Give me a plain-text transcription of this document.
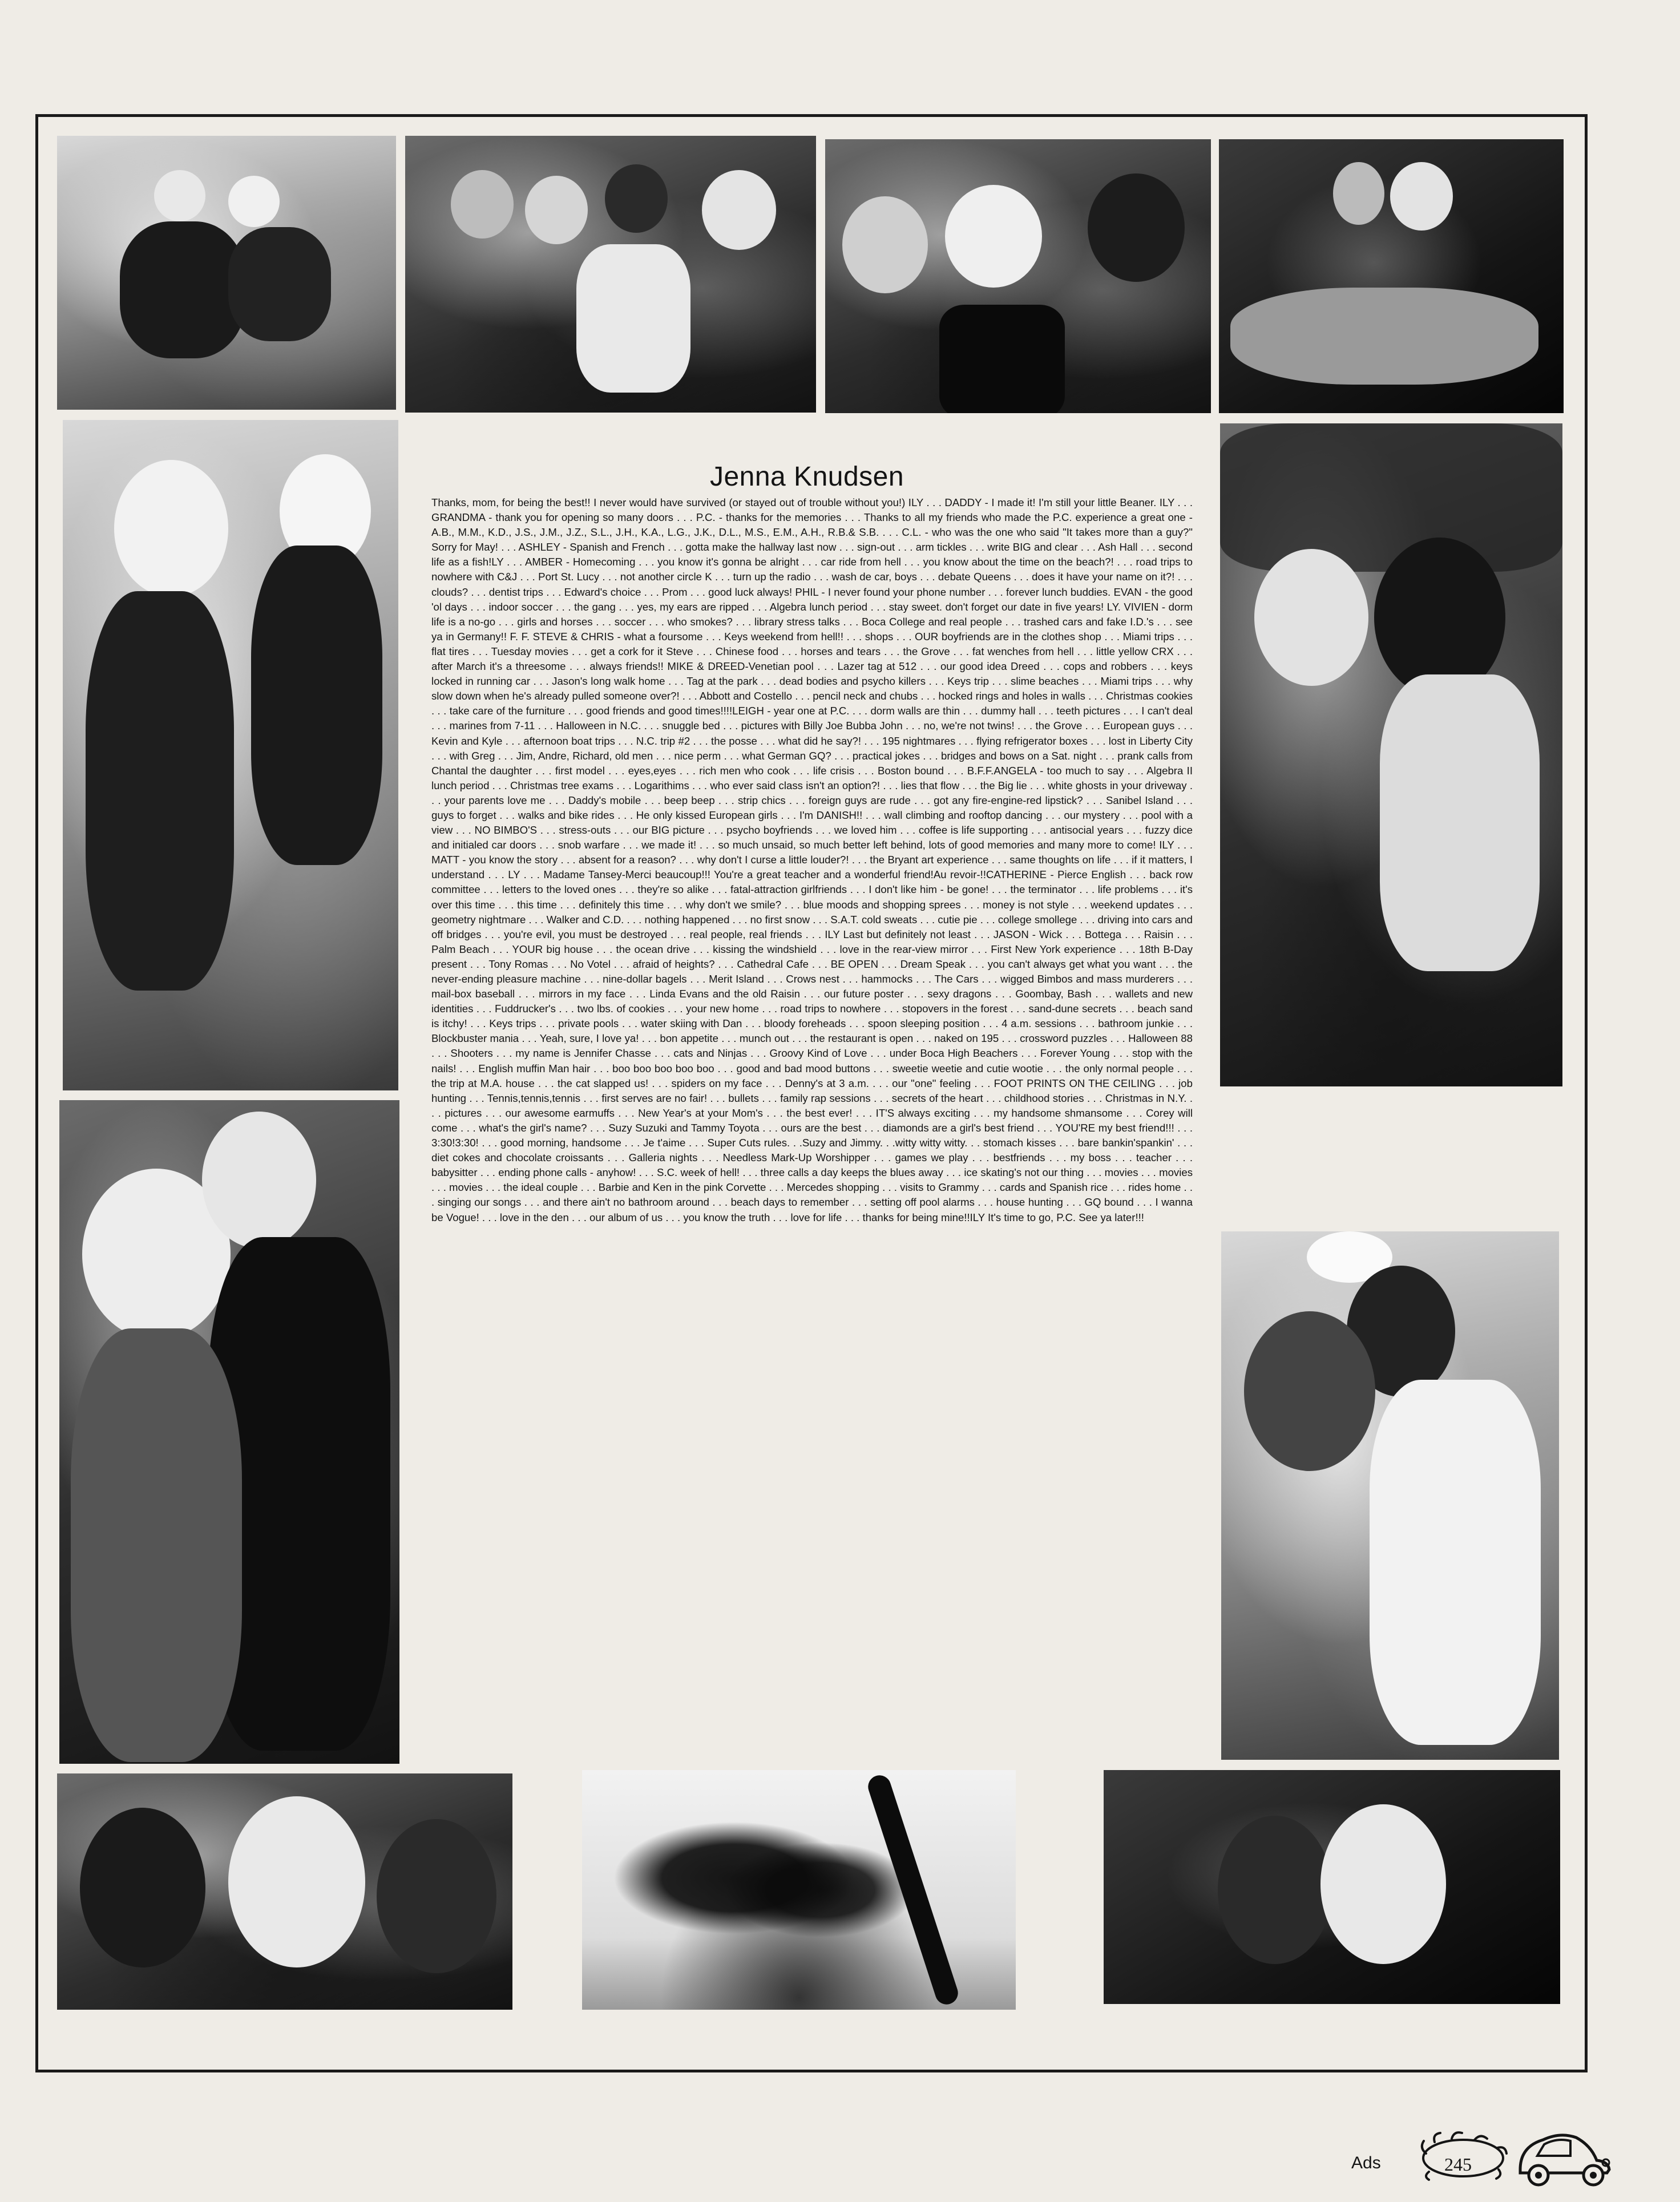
Jenna Knudsen

Thanks, mom, for being the best!! I never would have survived (or stayed out of trouble without you!) ILY . . . DADDY - I made it! I'm still your little Beaner. ILY . . . GRANDMA - thank you for opening so many doors . . . P.C. - thanks for the memories . . . Thanks to all my friends who made the P.C. experience a great one - A.B., M.M., K.D., J.S., J.M., J.Z., S.L., J.H., K.A., L.G., J.K., D.L., M.S., E.M., A.H., R.B.& S.B. . . . C.L. - who was the one who said "It takes more than a guy?" Sorry for May! . . . ASHLEY - Spanish and French . . . gotta make the hallway last now . . . sign-out . . . arm tickles . . . write BIG and clear . . . Ash Hall . . . second life as a fish!LY . . . AMBER - Homecoming . . . you know it's gonna be alright . . . car ride from hell . . . you know about the time on the beach?! . . . road trips to nowhere with C&J . . . Port St. Lucy . . . not another circle K . . . turn up the radio . . . wash de car, boys . . . debate Queens . . . does it have your name on it?! . . . clouds? . . . dentist trips . . . Edward's choice . . . Prom . . . good luck always! PHIL - I never found your phone number . . . forever lunch buddies. EVAN - the good 'ol days . . . indoor soccer . . . the gang . . . yes, my ears are ripped . . . Algebra lunch period . . . stay sweet. don't forget our date in five years! LY. VIVIEN - dorm life is a no-go . . . girls and horses . . . soccer . . . who smokes? . . . library stress talks . . . Boca College and real people . . . trashed cars and fake I.D.'s . . . see ya in Germany!! F. F. STEVE & CHRIS - what a foursome . . . Keys weekend from hell!! . . . shops . . . OUR boyfriends are in the clothes shop . . . Miami trips . . . flat tires . . . Tuesday movies . . . get a cork for it Steve . . . Chinese food . . . horses and tears . . . the Grove . . . fat wenches from hell . . . little yellow CRX . . . after March it's a threesome . . . always friends!! MIKE & DREED-Venetian pool . . . Lazer tag at 512 . . . our good idea Dreed . . . cops and robbers . . . keys locked in running car . . . Jason's long walk home . . . Tag at the park . . . dead bodies and psycho killers . . . Keys trip . . . slime beaches . . . Miami trips . . . why slow down when he's already pulled someone over?! . . . Abbott and Costello . . . pencil neck and chubs . . . hocked rings and holes in walls . . . Christmas cookies . . . take care of the furniture . . . good friends and good times!!!!LEIGH - year one at P.C. . . . dorm walls are thin . . . dummy hall . . . teeth pictures . . . I can't deal . . . marines from 7-11 . . . Halloween in N.C. . . . snuggle bed . . . pictures with Billy Joe Bubba John . . . no, we're not twins! . . . the Grove . . . European guys . . . Kevin and Kyle . . . afternoon boat trips . . . N.C. trip #2 . . . the posse . . . what did he say?! . . . 195 nightmares . . . flying refrigerator boxes . . . lost in Liberty City . . . with Greg . . . Jim, Andre, Richard, old men . . . nice perm . . . what German GQ? . . . practical jokes . . . bridges and bows on a Sat. night . . . prank calls from Chantal the daughter . . . first model . . . eyes,eyes . . . rich men who cook . . . life crisis . . . Boston bound . . . B.F.F.ANGELA - too much to say . . . Algebra II lunch period . . . Christmas tree exams . . . Logarithims . . . who ever said class isn't an option?! . . . lies that flow . . . the Big lie . . . white ghosts in your driveway . . . your parents love me . . . Daddy's mobile . . . beep beep . . . strip chics . . . foreign guys are rude . . . got any fire-engine-red lipstick? . . . Sanibel Island . . . guys to forget . . . walks and bike rides . . . He only kissed European girls . . . I'm DANISH!! . . . wall climbing and rooftop dancing . . . our mystery . . . pool with a view . . . NO BIMBO'S . . . stress-outs . . . our BIG picture . . . psycho boyfriends . . . we loved him . . . coffee is life supporting . . . antisocial years . . . fuzzy dice and initialed car doors . . . snob warfare . . . we made it! . . . so much unsaid, so much better left behind, lots of good memories and many more to come! ILY . . . MATT - you know the story . . . absent for a reason? . . . why don't I curse a little louder?! . . . the Bryant art experience . . . same thoughts on life . . . if it matters, I understand . . . LY . . . Madame Tansey-Merci beaucoup!!! You're a great teacher and a wonderful friend!Au revoir-!!CATHERINE - Pierce English . . . back row committee . . . letters to the loved ones . . . they're so alike . . . fatal-attraction girlfriends . . . I don't like him - be gone! . . . the terminator . . . life problems . . . it's over this time . . . this time . . . definitely this time . . . why don't we smile? . . . blue moods and shopping sprees . . . money is not style . . . weekend updates . . . geometry nightmare . . . Walker and C.D. . . . nothing happened . . . no first snow . . . S.A.T. cold sweats . . . cutie pie . . . college smollege . . . driving into cars and off bridges . . . you're evil, you must be destroyed . . . real people, real friends . . . ILY Last but definitely not least . . . JASON - Wick . . . Bottega . . . Raisin . . . Palm Beach . . . YOUR big house . . . the ocean drive . . . kissing the windshield . . . love in the rear-view mirror . . . First New York experience . . . 18th B-Day present . . . Tony Romas . . . No Votel . . . afraid of heights? . . . Cathedral Cafe . . . BE OPEN . . . Dream Speak . . . you can't always get what you want . . . the never-ending pleasure machine . . . nine-dollar bagels . . . Merit Island . . . Crows nest . . . hammocks . . . The Cars . . . wigged Bimbos and mass murderers . . . mail-box baseball . . . mirrors in my face . . . Linda Evans and the old Raisin . . . our future poster . . . sexy dragons . . . Goombay, Bash . . . wallets and new identities . . . Fuddrucker's . . . two lbs. of cookies . . . your new home . . . road trips to nowhere . . . stopovers in the forest . . . sand-dune secrets . . . beach sand is itchy! . . . Keys trips . . . private pools . . . water skiing with Dan . . . bloody foreheads . . . spoon sleeping position . . . 4 a.m. sessions . . . bathroom junkie . . . Blockbuster mania . . . Yeah, sure, I love ya! . . . bon appetite . . . munch out . . . the restaurant is open . . . naked on 195 . . . crossword puzzles . . . Halloween 88 . . . Shooters . . . my name is Jennifer Chasse . . . cats and Ninjas . . . Groovy Kind of Love . . . under Boca High Beachers . . . Forever Young . . . stop with the nails! . . . English muffin Man hair . . . boo boo boo boo boo . . . good and bad mood buttons . . . sweetie weetie and cutie wootie . . . the only normal people . . . the trip at M.A. house . . . the cat slapped us! . . . spiders on my face . . . Denny's at 3 a.m. . . . our "one" feeling . . . FOOT PRINTS ON THE CEILING . . . job hunting . . . Tennis,tennis,tennis . . . first serves are no fair! . . . bullets . . . family rap sessions . . . secrets of the heart . . . childhood stories . . . Christmas in N.Y. . . . pictures . . . our awesome earmuffs . . . New Year's at your Mom's . . . the best ever! . . . IT'S always exciting . . . my handsome shmansome . . . Corey will come . . . what's the girl's name? . . . Suzy Suzuki and Tammy Toyota . . . ours are the best . . . diamonds are a girl's best friend . . . YOU'RE my best friend!!! . . . 3:30!3:30! . . . good morning, handsome . . . Je t'aime . . . Super Cuts rules. . .Suzy and Jimmy. . .witty witty witty. . . stomach kisses . . . bare bankin'spankin' . . . diet cokes and chocolate croissants . . . Galleria nights . . . Needless Mark-Up Worshipper . . . games we play . . . bestfriends . . . my boss . . . teacher . . . babysitter . . . ending phone calls - anyhow! . . . S.C. week of hell! . . . three calls a day keeps the blues away . . . ice skating's not our thing . . . movies . . . movies . . . movies . . . the ideal couple . . . Barbie and Ken in the pink Corvette . . . Mercedes shopping . . . visits to Grammy . . . cards and Spanish rice . . . rides home . . . singing our songs . . . and there ain't no bathroom around . . . beach days to remember . . . setting off pool alarms . . . house hunting . . . GQ bound . . . I wanna be Vogue! . . . love in the den . . . our album of us . . . you know the truth . . . love for life . . . thanks for being mine!!ILY It's time to go, P.C. See ya later!!!

Ads	245
